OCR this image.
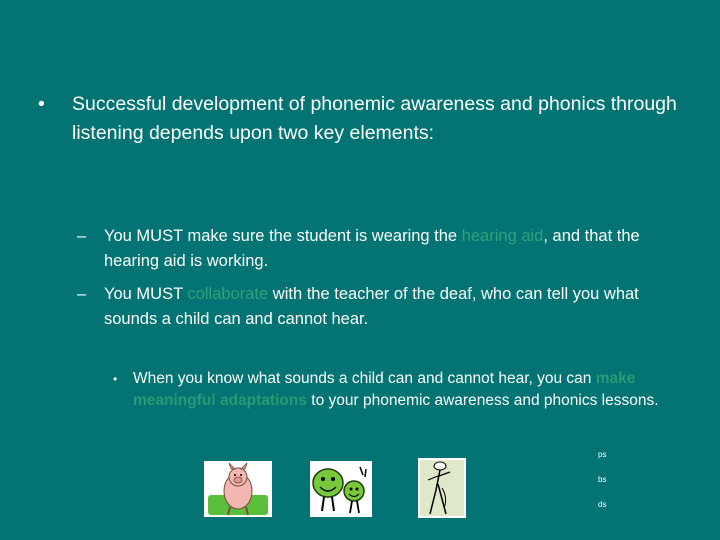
• Successful development of phonemic awareness and phonics through listening depends upon two key elements:
– You MUST make sure the student is wearing the hearing aid, and that the hearing aid is working.
– You MUST collaborate with the teacher of the deaf, who can tell you what sounds a child can and cannot hear.
• When you know what sounds a child can and cannot hear, you can make meaningful adaptations to your phonemic awareness and phonics lessons.
ps
bs
ds
